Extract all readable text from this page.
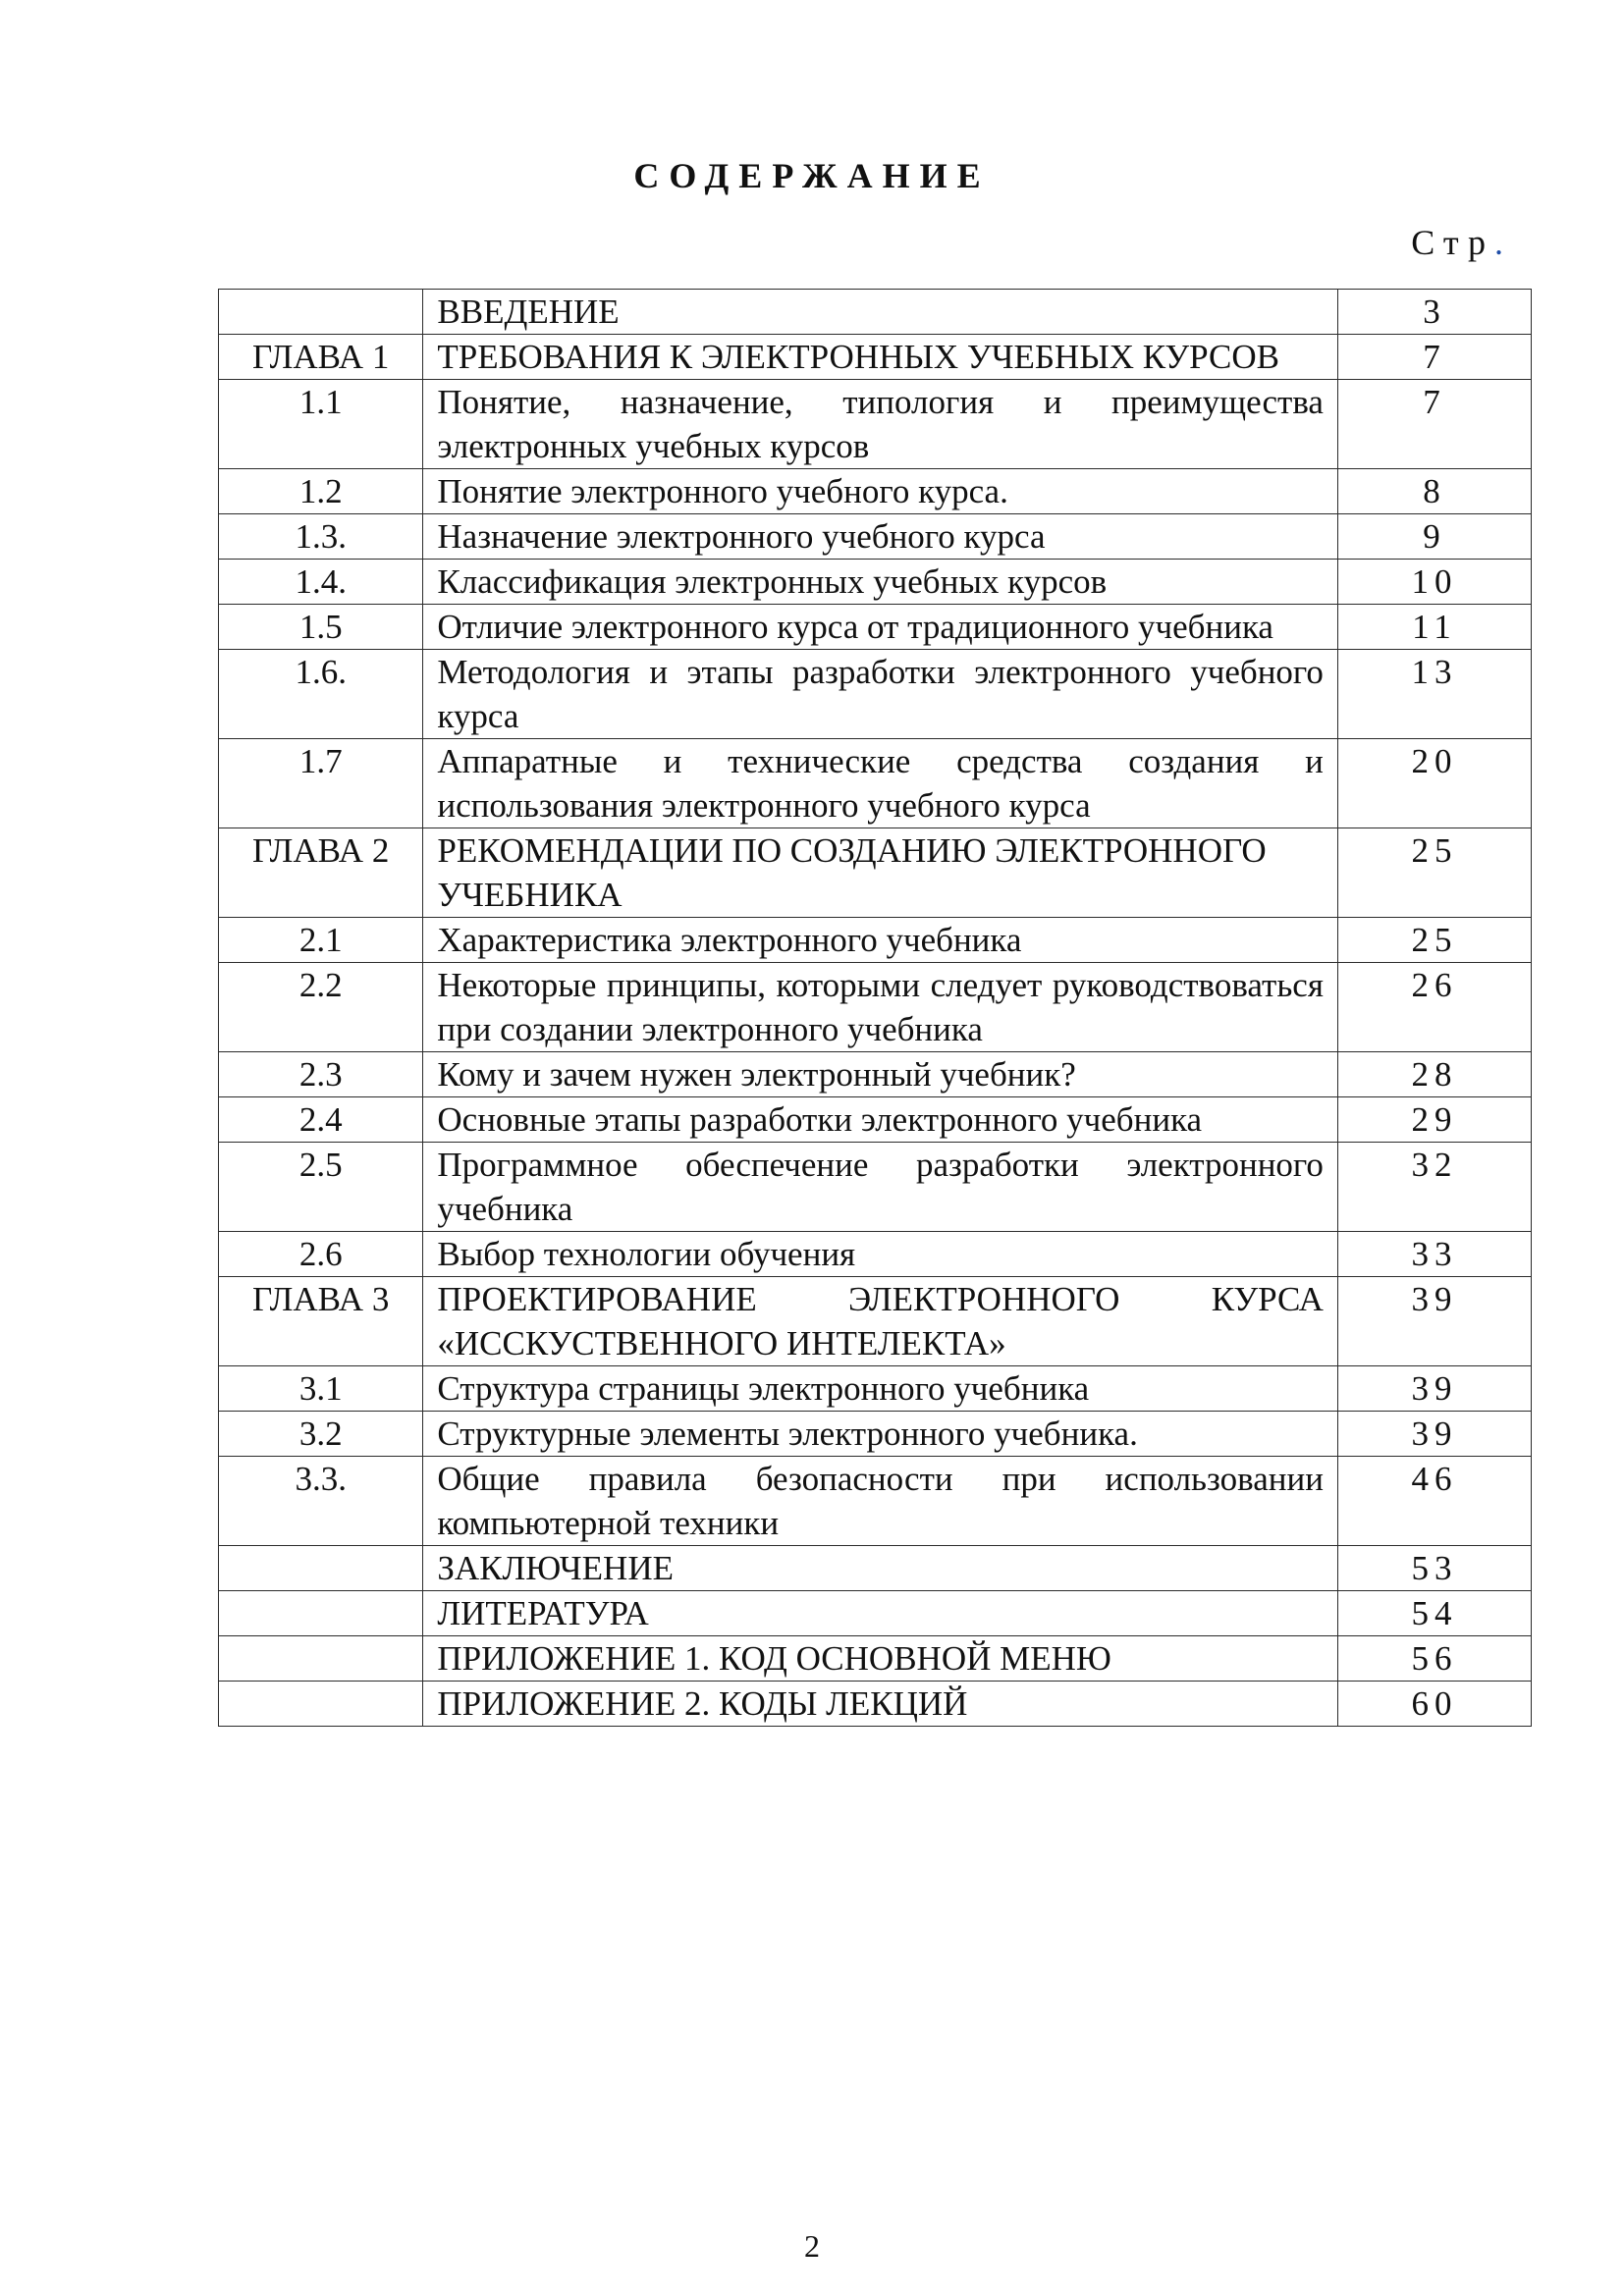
СОДЕРЖАНИЕ
Стр.
	ВВЕДЕНИЕ	3
ГЛАВА 1	ТРЕБОВАНИЯ К ЭЛЕКТРОННЫХ УЧЕБНЫХ КУРСОВ	7
1.1	Понятие, назначение, типология и преимущества электронных учебных курсов	7
1.2	Понятие электронного учебного курса.	8
1.3.	Назначение электронного учебного курса	9
1.4.	Классификация электронных учебных курсов	10
1.5	Отличие электронного курса от традиционного учебника	11
1.6.	Методология и этапы разработки электронного учебного курса	13
1.7	Аппаратные и технические средства создания и использования электронного учебного курса	20
ГЛАВА 2	РЕКОМЕНДАЦИИ ПО СОЗДАНИЮ ЭЛЕКТРОННОГО УЧЕБНИКА	25
2.1	Характеристика электронного учебника	25
2.2	Некоторые принципы, которыми следует руководствоваться при создании электронного учебника	26
2.3	Кому и зачем нужен электронный учебник?	28
2.4	Основные этапы разработки электронного учебника	29
2.5	Программное обеспечение разработки электронного учебника	32
2.6	Выбор технологии обучения	33
ГЛАВА 3	ПРОЕКТИРОВАНИЕ ЭЛЕКТРОННОГО КУРСА «ИССКУСТВЕННОГО ИНТЕЛЕКТА»	39
3.1	Структура страницы электронного учебника	39
3.2	Структурные элементы электронного учебника.	39
3.3.	Общие правила безопасности при использовании компьютерной техники	46
	ЗАКЛЮЧЕНИЕ	53
	ЛИТЕРАТУРА	54
	ПРИЛОЖЕНИЕ 1. КОД ОСНОВНОЙ МЕНЮ	56
	ПРИЛОЖЕНИЕ 2. КОДЫ ЛЕКЦИЙ	60
2
